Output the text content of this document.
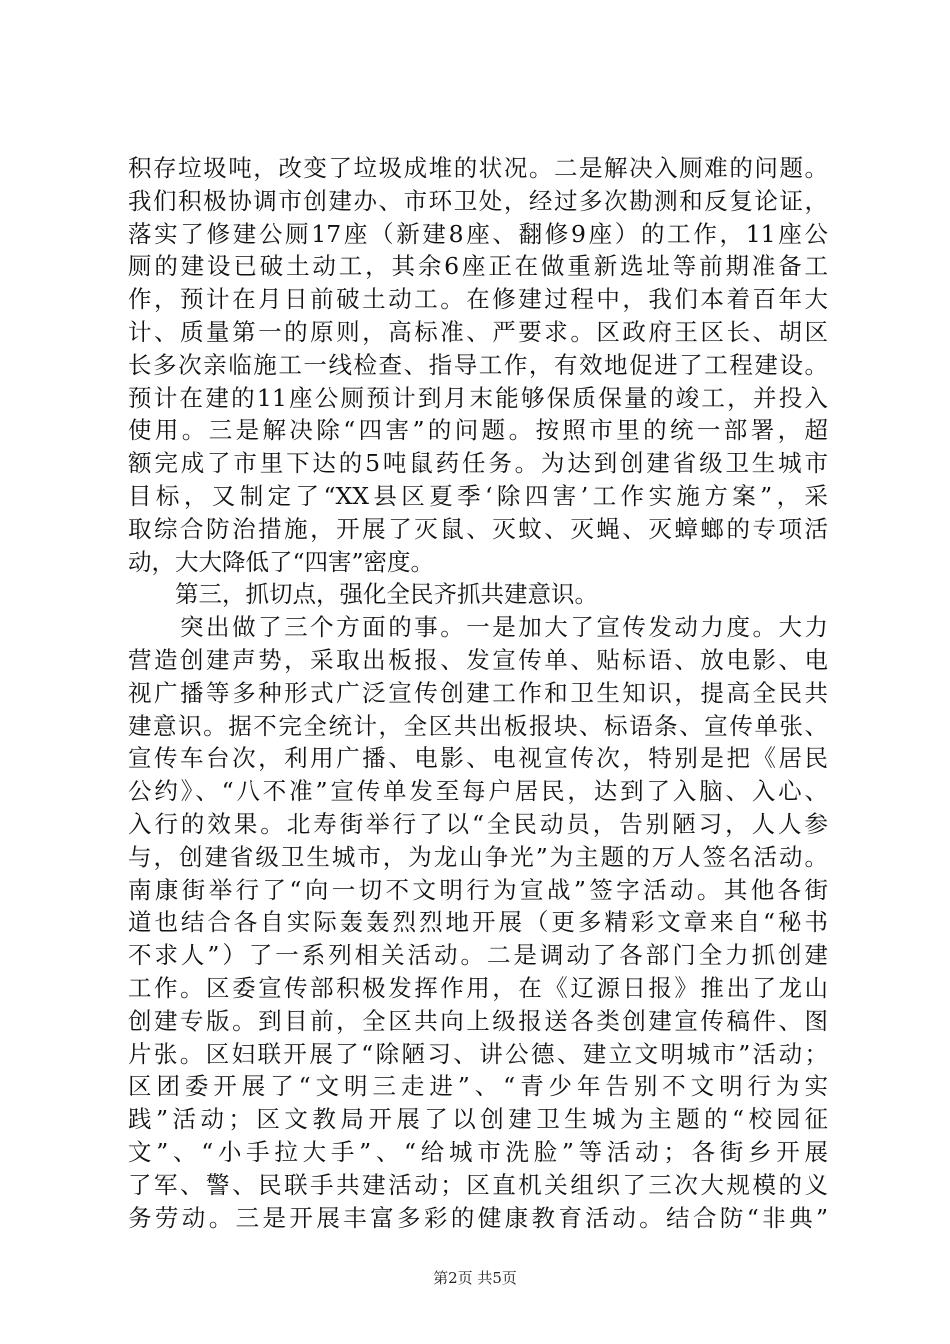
积存垃圾吨，改变了垃圾成堆的状况。二是解决入厕难的问题。
我们积极协调市创建办、市环卫处，经过多次勘测和反复论证，
落实了修建公厕17座（新建8座、翻修9座）的工作，11座公
厕的建设已破土动工，其余6座正在做重新选址等前期准备工
作，预计在月日前破土动工。在修建过程中，我们本着百年大
计、质量第一的原则，高标准、严要求。区政府王区长、胡区
长多次亲临施工一线检查、指导工作，有效地促进了工程建设。
预计在建的11座公厕预计到月末能够保质保量的竣工，并投入
使用。三是解决除“四害”的问题。按照市里的统一部署，超
额完成了市里下达的5吨鼠药任务。为达到创建省级卫生城市
目标，又制定了“XX县区夏季‘除四害’工作实施方案”，采
取综合防治措施，开展了灭鼠、灭蚊、灭蝇、灭蟑螂的专项活
动，大大降低了“四害”密度。
　　第三，抓切点，强化全民齐抓共建意识。
　　突出做了三个方面的事。一是加大了宣传发动力度。大力
营造创建声势，采取出板报、发宣传单、贴标语、放电影、电
视广播等多种形式广泛宣传创建工作和卫生知识，提高全民共
建意识。据不完全统计，全区共出板报块、标语条、宣传单张、
宣传车台次，利用广播、电影、电视宣传次，特别是把《居民
公约》、“八不准”宣传单发至每户居民，达到了入脑、入心、
入行的效果。北寿街举行了以“全民动员，告别陋习，人人参
与，创建省级卫生城市，为龙山争光”为主题的万人签名活动。
南康街举行了“向一切不文明行为宣战”签字活动。其他各街
道也结合各自实际轰轰烈烈地开展（更多精彩文章来自“秘书
不求人”）了一系列相关活动。二是调动了各部门全力抓创建
工作。区委宣传部积极发挥作用，在《辽源日报》推出了龙山
创建专版。到目前，全区共向上级报送各类创建宣传稿件、图
片张。区妇联开展了“除陋习、讲公德、建立文明城市”活动；
区团委开展了“文明三走进”、“青少年告别不文明行为实
践”活动；区文教局开展了以创建卫生城为主题的“校园征
文”、“小手拉大手”、“给城市洗脸”等活动；各街乡开展
了军、警、民联手共建活动；区直机关组织了三次大规模的义
务劳动。三是开展丰富多彩的健康教育活动。结合防“非典”
第2页 共5页
